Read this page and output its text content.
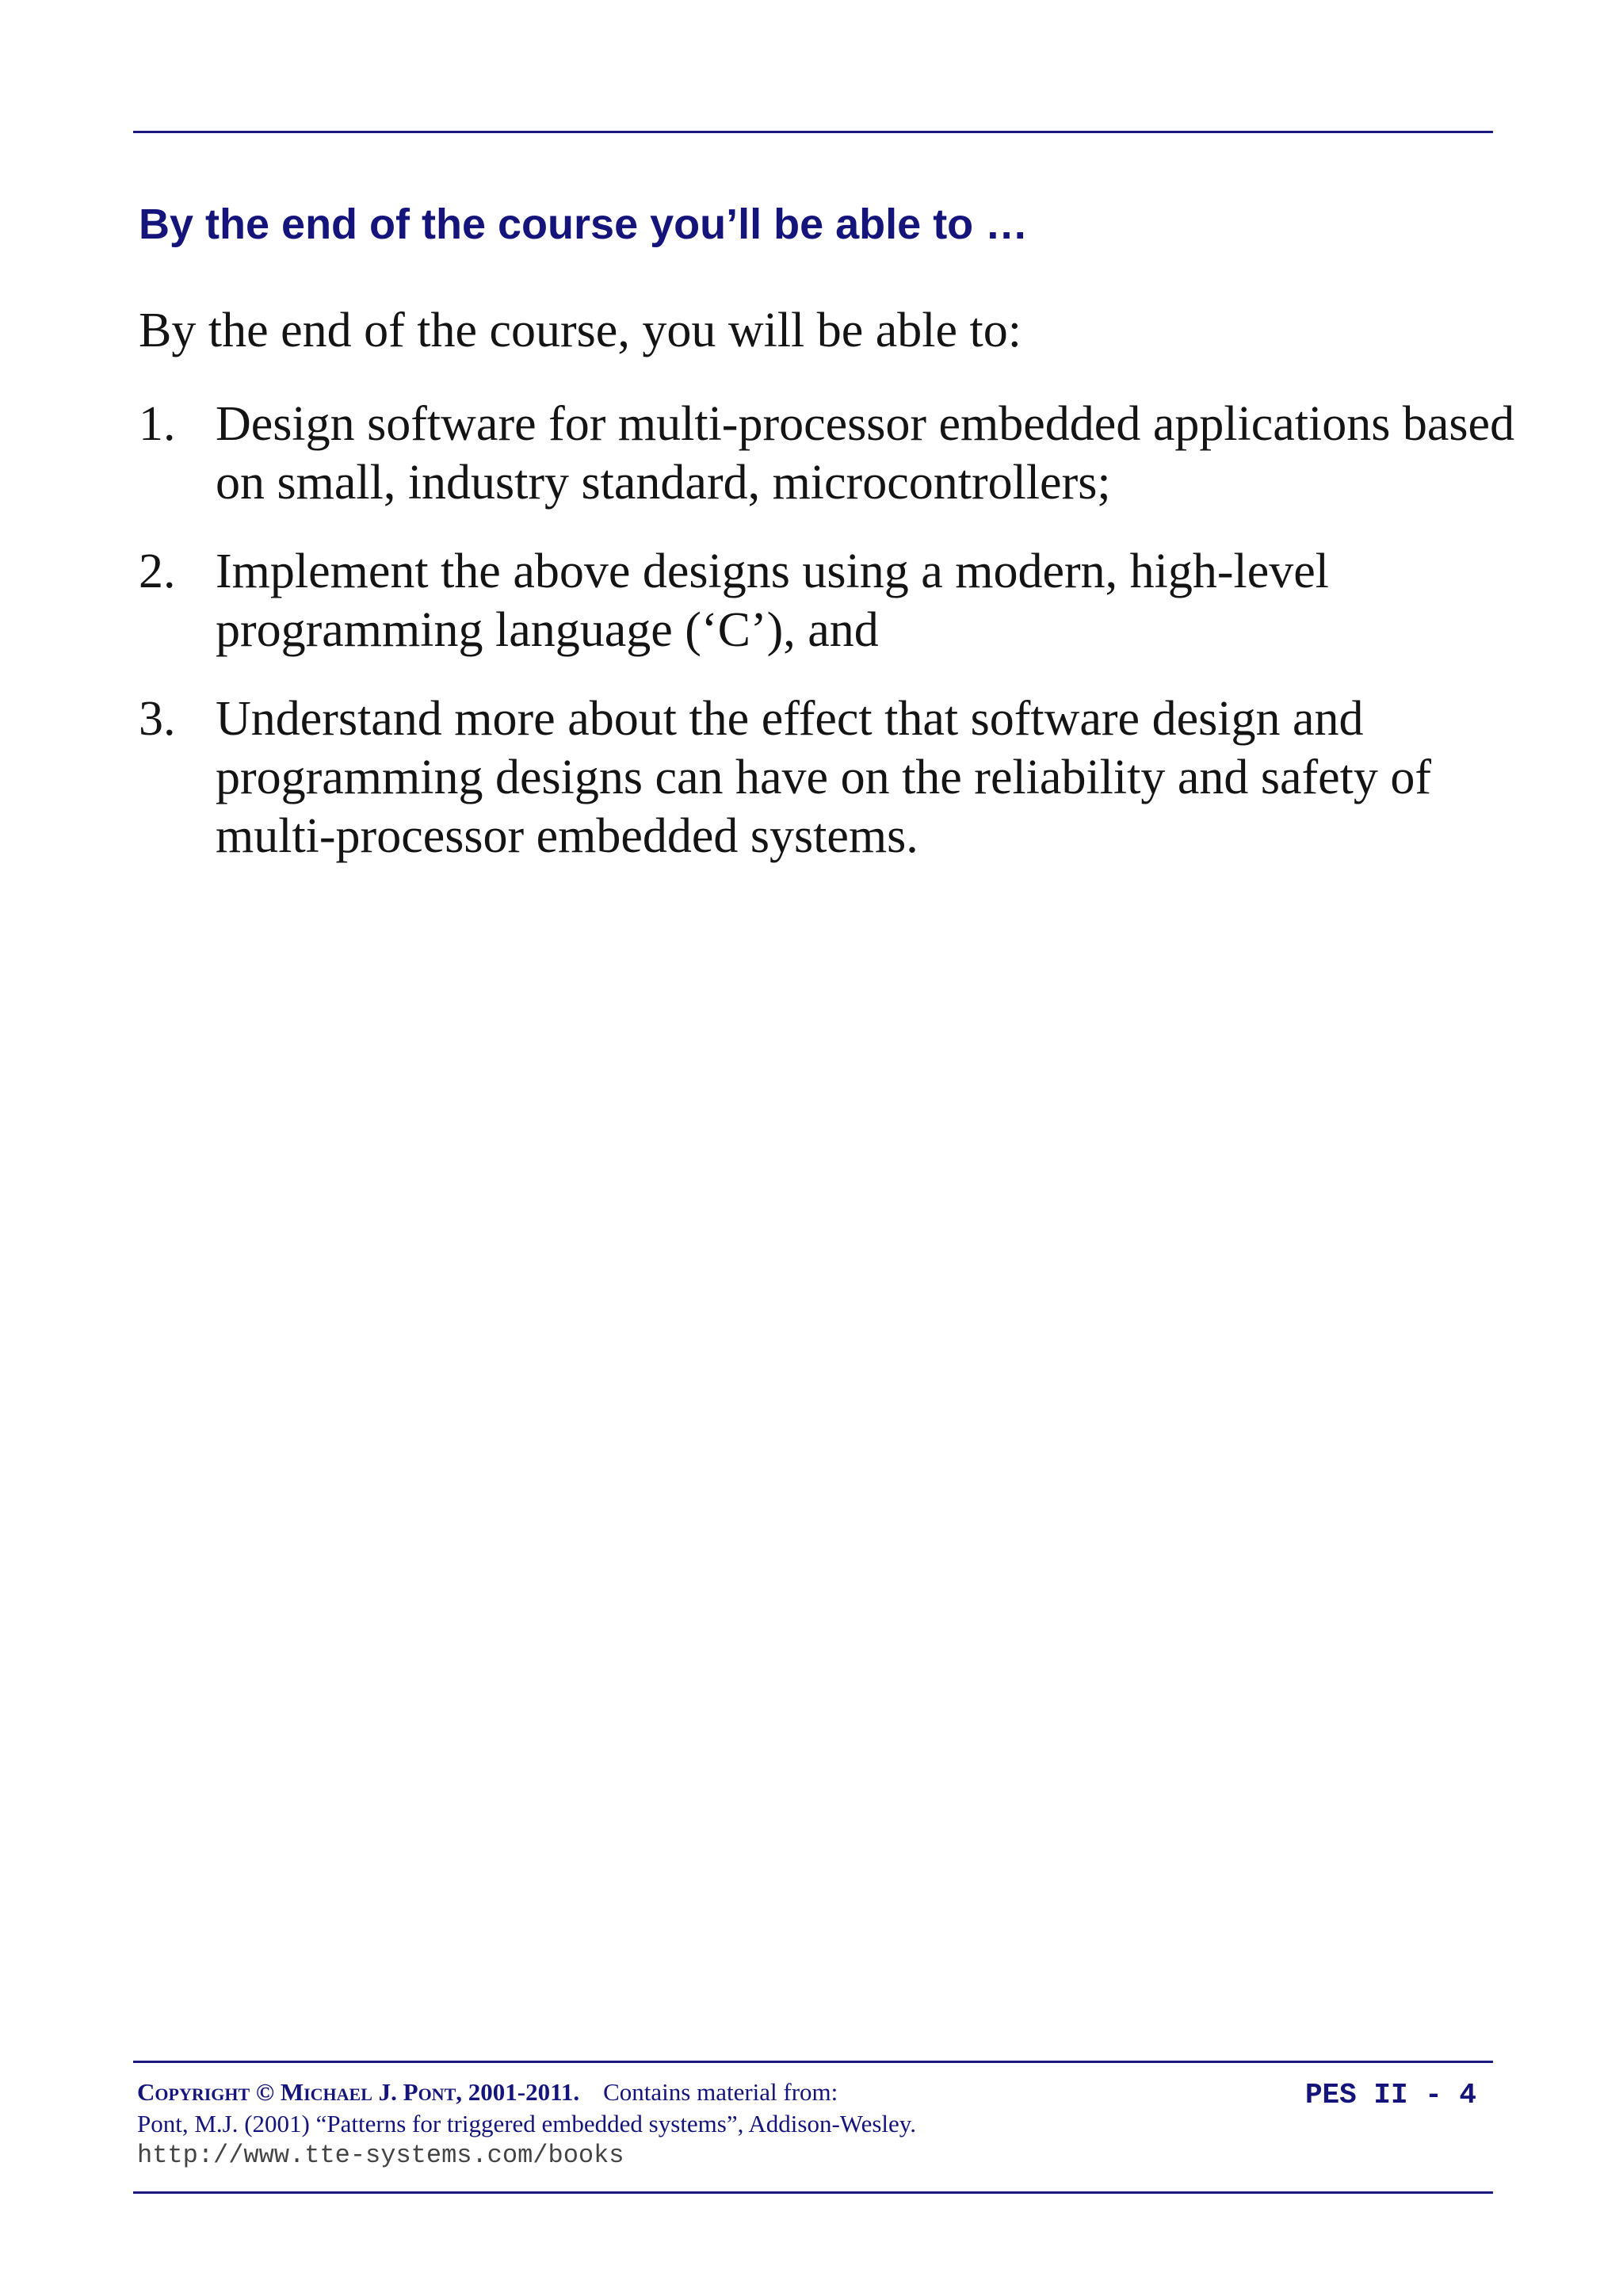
By the end of the course you’ll be able to …
By the end of the course, you will be able to:
1. Design software for multi-processor embedded applications based on small, industry standard, microcontrollers;
2. Implement the above designs using a modern, high-level programming language (‘C’), and
3. Understand more about the effect that software design and programming designs can have on the reliability and safety of multi-processor embedded systems.
Copyright © Michael J. Pont, 2001-2011. Contains material from:
Pont, M.J. (2001) “Patterns for triggered embedded systems”, Addison-Wesley.
http://www.tte-systems.com/books
PES II - 4
